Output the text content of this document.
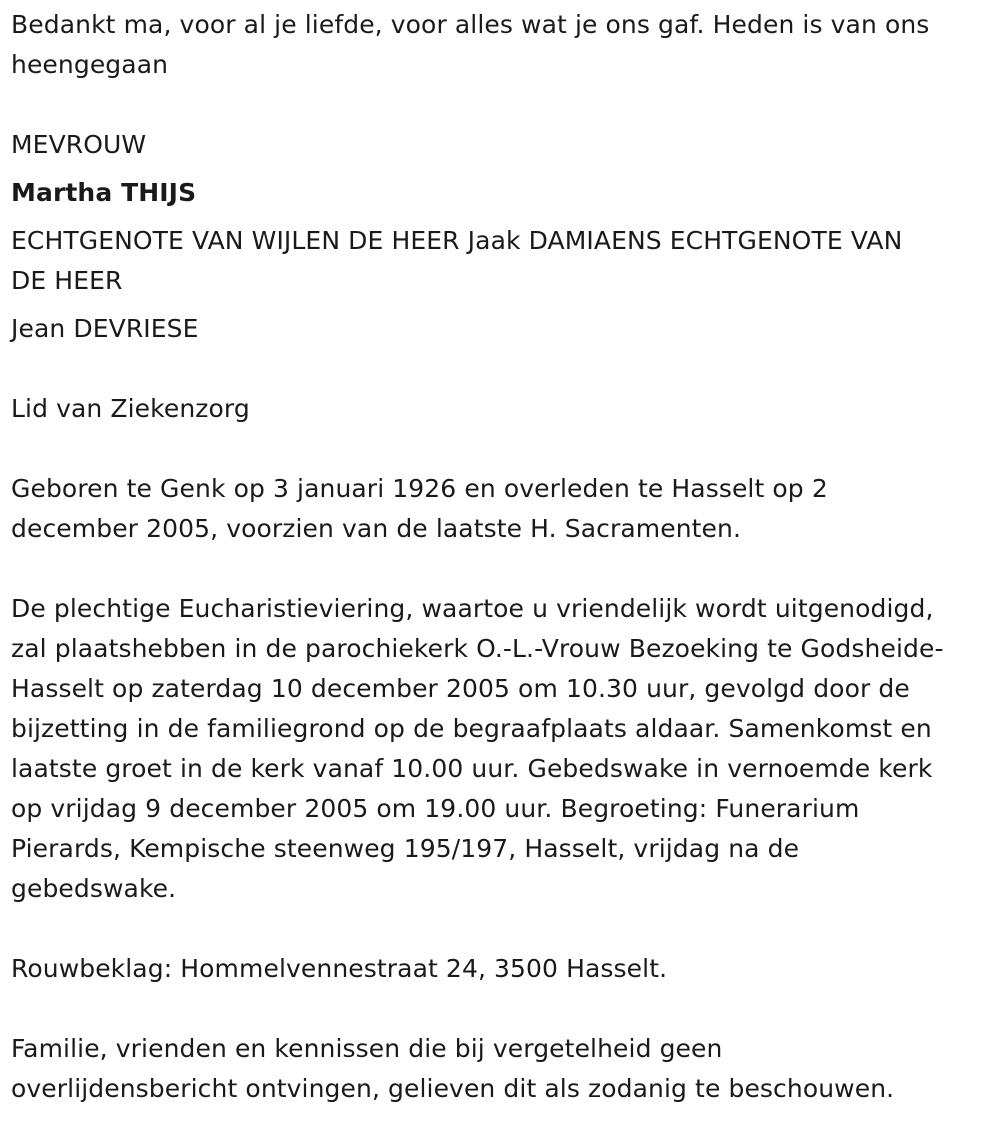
Bedankt ma, voor al je liefde, voor alles wat je ons gaf. Heden is van ons
heengegaan
MEVROUW
Martha THIJS
ECHTGENOTE VAN WIJLEN DE HEER Jaak DAMIAENS ECHTGENOTE VAN
DE HEER
Jean DEVRIESE
Lid van Ziekenzorg
Geboren te Genk op 3 januari 1926 en overleden te Hasselt op 2
december 2005, voorzien van de laatste H. Sacramenten.
De plechtige Eucharistieviering, waartoe u vriendelijk wordt uitgenodigd,
zal plaatshebben in de parochiekerk O.-L.-Vrouw Bezoeking te Godsheide-
Hasselt op zaterdag 10 december 2005 om 10.30 uur, gevolgd door de
bijzetting in de familiegrond op de begraafplaats aldaar. Samenkomst en
laatste groet in de kerk vanaf 10.00 uur. Gebedswake in vernoemde kerk
op vrijdag 9 december 2005 om 19.00 uur. Begroeting: Funerarium
Pierards, Kempische steenweg 195/197, Hasselt, vrijdag na de
gebedswake.
Rouwbeklag: Hommelvennestraat 24, 3500 Hasselt.
Familie, vrienden en kennissen die bij vergetelheid geen
overlijdensbericht ontvingen, gelieven dit als zodanig te beschouwen.
